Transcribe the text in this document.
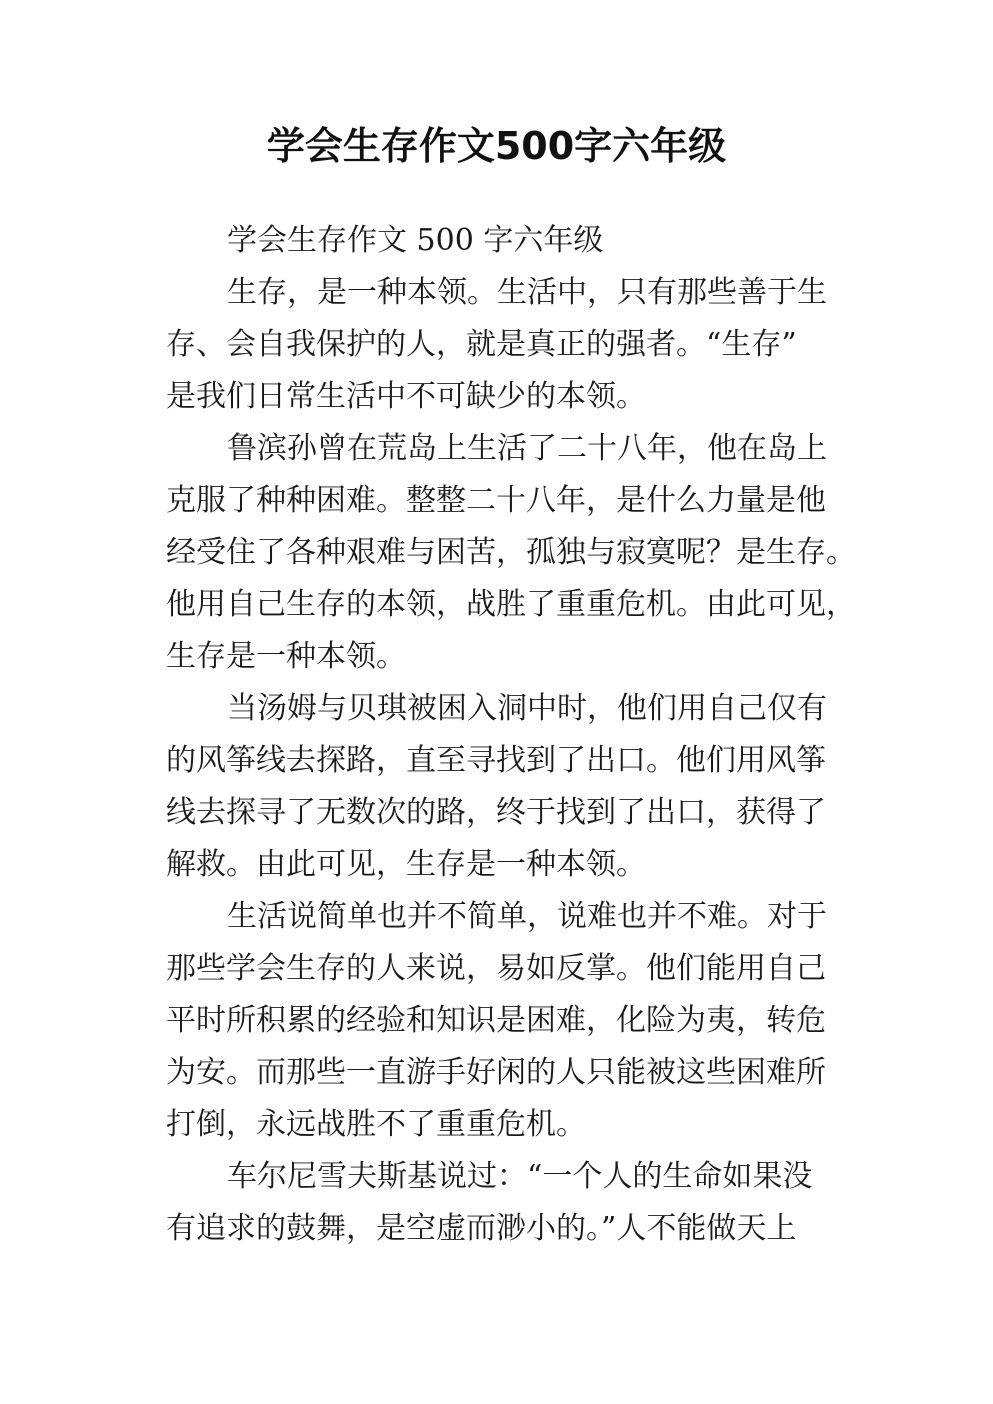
学会生存作文500字六年级
学会生存作文 500 字六年级
生存，是一种本领。生活中，只有那些善于生
存、会自我保护的人，就是真正的强者。“生存”
是我们日常生活中不可缺少的本领。
鲁滨孙曾在荒岛上生活了二十八年，他在岛上
克服了种种困难。整整二十八年，是什么力量是他
经受住了各种艰难与困苦，孤独与寂寞呢？是生存。
他用自己生存的本领，战胜了重重危机。由此可见，
生存是一种本领。
当汤姆与贝琪被困入洞中时，他们用自己仅有
的风筝线去探路，直至寻找到了出口。他们用风筝
线去探寻了无数次的路，终于找到了出口，获得了
解救。由此可见，生存是一种本领。
生活说简单也并不简单，说难也并不难。对于
那些学会生存的人来说，易如反掌。他们能用自己
平时所积累的经验和知识是困难，化险为夷，转危
为安。而那些一直游手好闲的人只能被这些困难所
打倒，永远战胜不了重重危机。
车尔尼雪夫斯基说过：“一个人的生命如果没
有追求的鼓舞，是空虚而渺小的。”人不能做天上
